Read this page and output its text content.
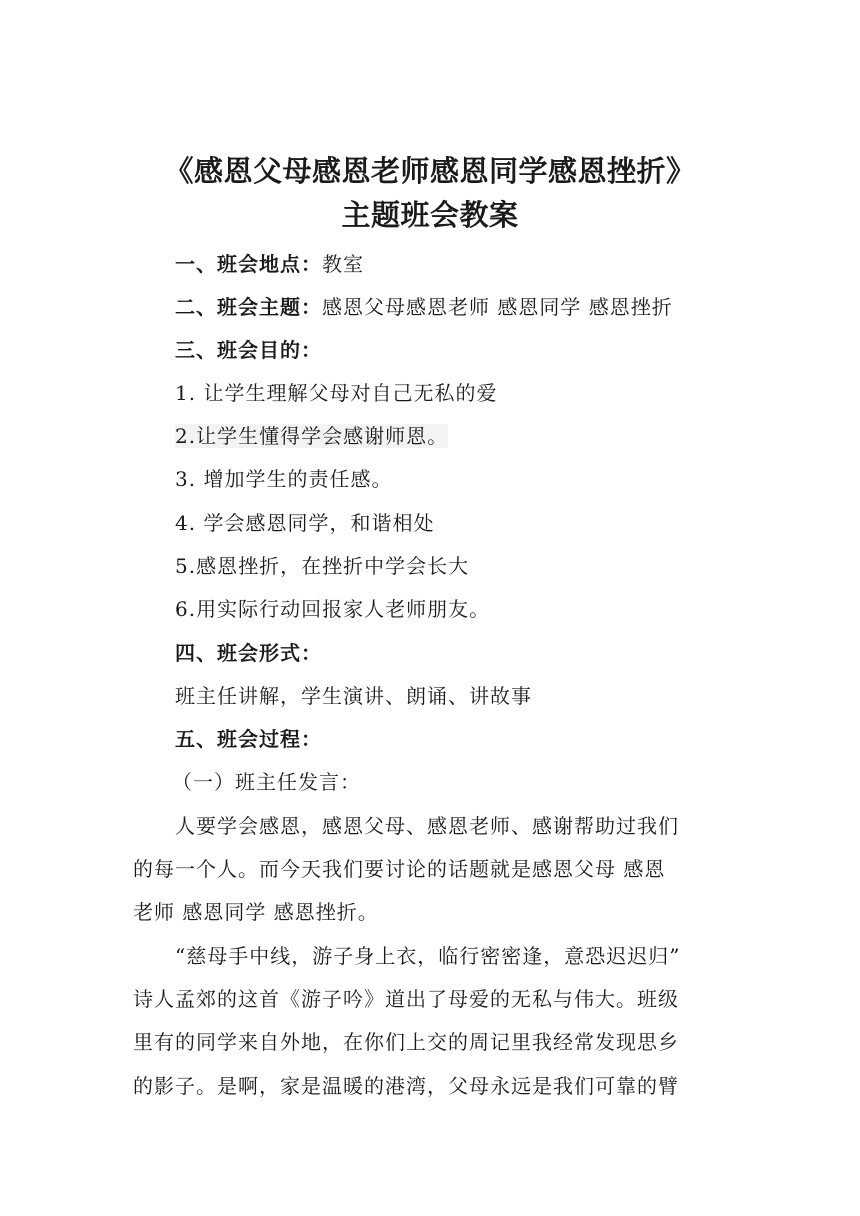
《感恩父母感恩老师感恩同学感恩挫折》
主题班会教案
一、班会地点：教室
二、班会主题：感恩父母感恩老师 感恩同学 感恩挫折
三、班会目的：
1. 让学生理解父母对自己无私的爱
2.让学生懂得学会感谢师恩。
3. 增加学生的责任感。
4. 学会感恩同学，和谐相处
5.感恩挫折，在挫折中学会长大
6.用实际行动回报家人老师朋友。
四、班会形式：
班主任讲解，学生演讲、朗诵、讲故事
五、班会过程：
（一）班主任发言：
人要学会感恩，感恩父母、感恩老师、感谢帮助过我们
的每一个人。而今天我们要讨论的话题就是感恩父母 感恩
老师 感恩同学 感恩挫折。
“慈母手中线，游子身上衣，临行密密逢，意恐迟迟归”
诗人孟郊的这首《游子吟》道出了母爱的无私与伟大。班级
里有的同学来自外地，在你们上交的周记里我经常发现思乡
的影子。是啊，家是温暖的港湾，父母永远是我们可靠的臂
